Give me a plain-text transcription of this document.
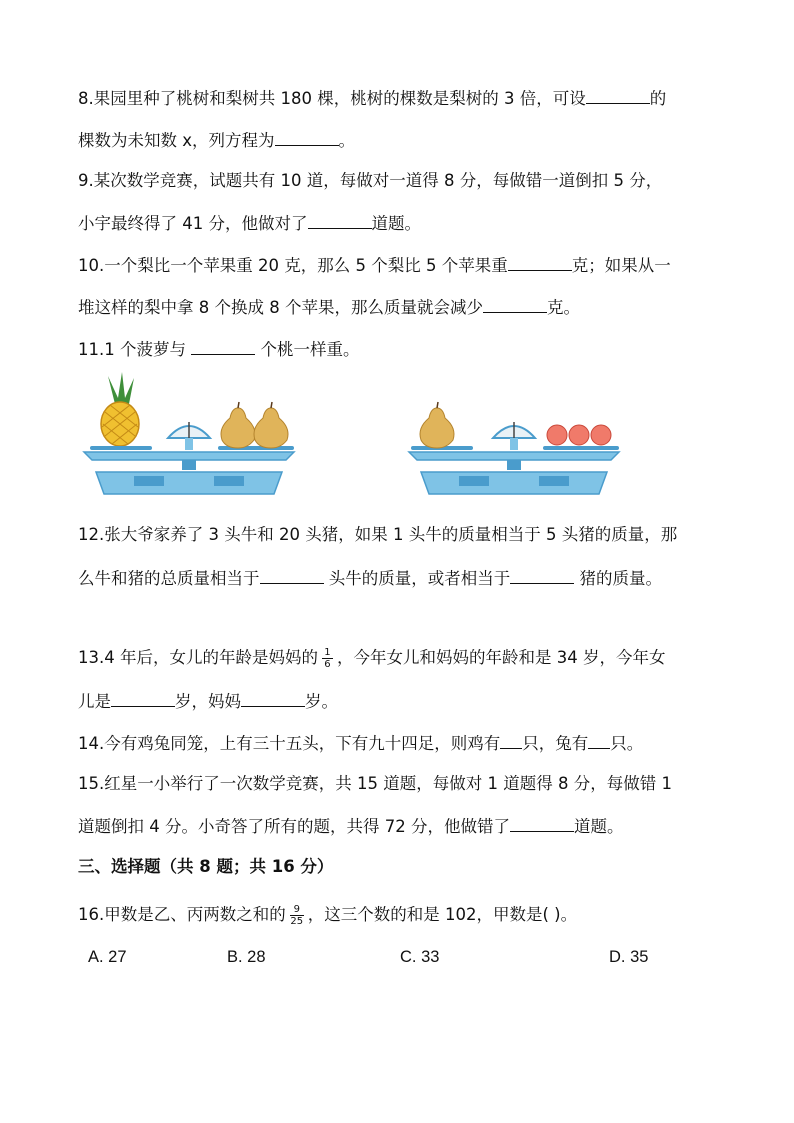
8.果园里种了桃树和梨树共 180 棵，桃树的棵数是梨树的 3 倍，可设	的
棵数为未知数 x，列方程为	。
9.某次数学竞赛，试题共有 10 道，每做对一道得 8 分，每做错一道倒扣 5 分，
小宇最终得了 41 分，他做对了	道题。
10.一个梨比一个苹果重 20 克，那么 5 个梨比 5 个苹果重	克；如果从一
堆这样的梨中拿 8 个换成 8 个苹果，那么质量就会减少	克。
11.1 个菠萝与	个桃一样重。
12.张大爷家养了 3 头牛和 20 头猪，如果 1 头牛的质量相当于 5 头猪的质量，那
么牛和猪的总质量相当于	头牛的质量，或者相当于	猪的质量。
13.4 年后，女儿的年龄是妈妈的 $\frac{1}{6}$ ，今年女儿和妈妈的年龄和是 34 岁，今年女
儿是	岁，妈妈	岁。
14.今有鸡兔同笼，上有三十五头，下有九十四足，则鸡有 只，兔有 只。
15.红星一小举行了一次数学竞赛，共 15 道题，每做对 1 道题得 8 分，每做错 1
道题倒扣 4 分。小奇答了所有的题，共得 72 分，他做错了	道题。
三、选择题（共 8 题；共 16 分）
16.甲数是乙、丙两数之和的 $\frac{9}{25}$ ，这三个数的和是 102，甲数是( )。
A. 27	B. 28	C. 33	D. 35
